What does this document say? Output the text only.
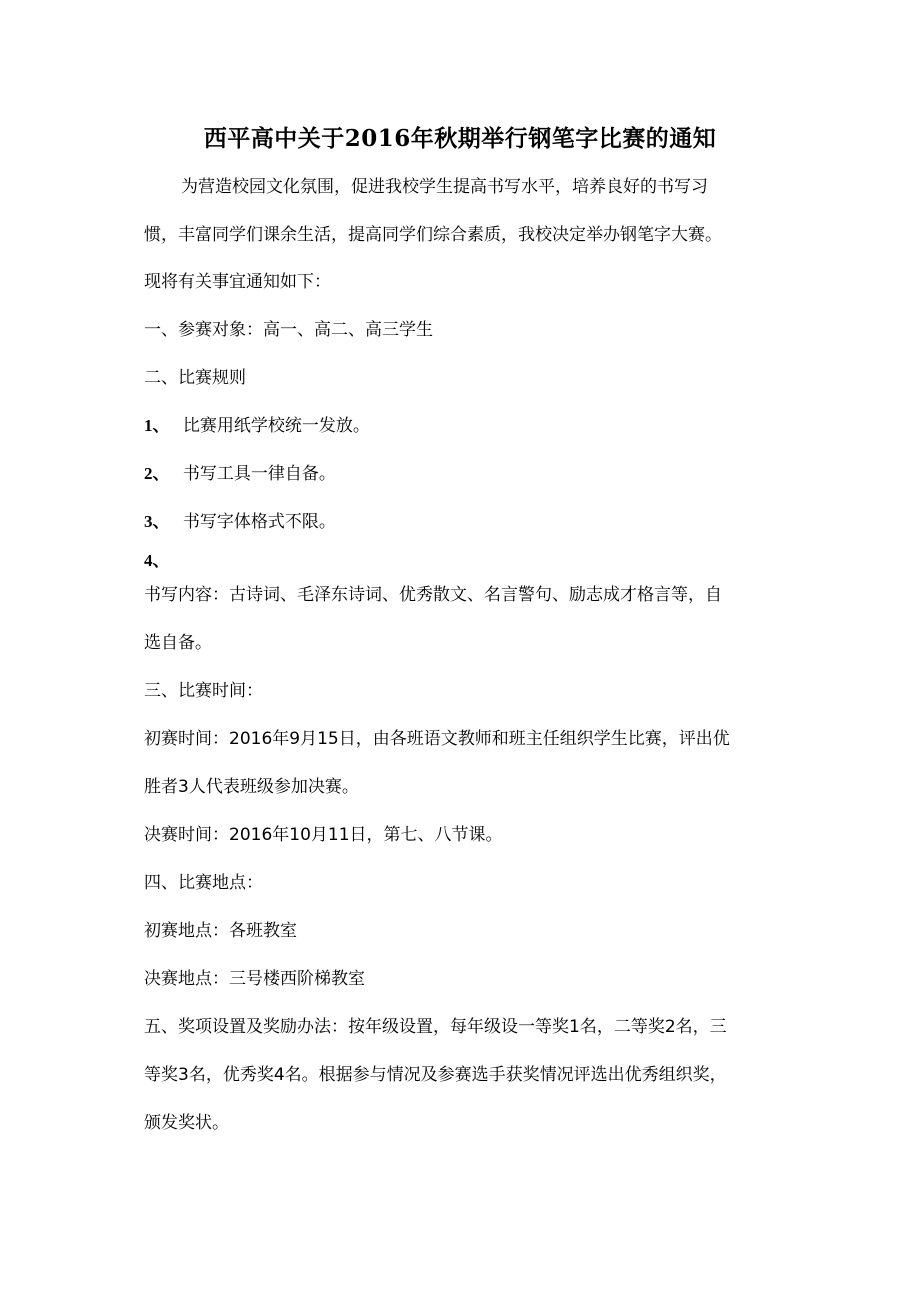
西平高中关于2016年秋期举行钢笔字比赛的通知
为营造校园文化氛围，促进我校学生提高书写水平，培养良好的书写习
惯，丰富同学们课余生活，提高同学们综合素质，我校决定举办钢笔字大赛。
现将有关事宜通知如下：
一、参赛对象：高一、高二、高三学生
二、比赛规则
1、 比赛用纸学校统一发放。
2、 书写工具一律自备。
3、 书写字体格式不限。
4、
书写内容：古诗词、毛泽东诗词、优秀散文、名言警句、励志成才格言等，自
选自备。
三、比赛时间：
初赛时间：2016年9月15日，由各班语文教师和班主任组织学生比赛，评出优
胜者3人代表班级参加决赛。
决赛时间：2016年10月11日，第七、八节课。
四、比赛地点：
初赛地点：各班教室
决赛地点：三号楼西阶梯教室
五、奖项设置及奖励办法：按年级设置，每年级设一等奖1名，二等奖2名，三
等奖3名，优秀奖4名。根据参与情况及参赛选手获奖情况评选出优秀组织奖，
颁发奖状。
